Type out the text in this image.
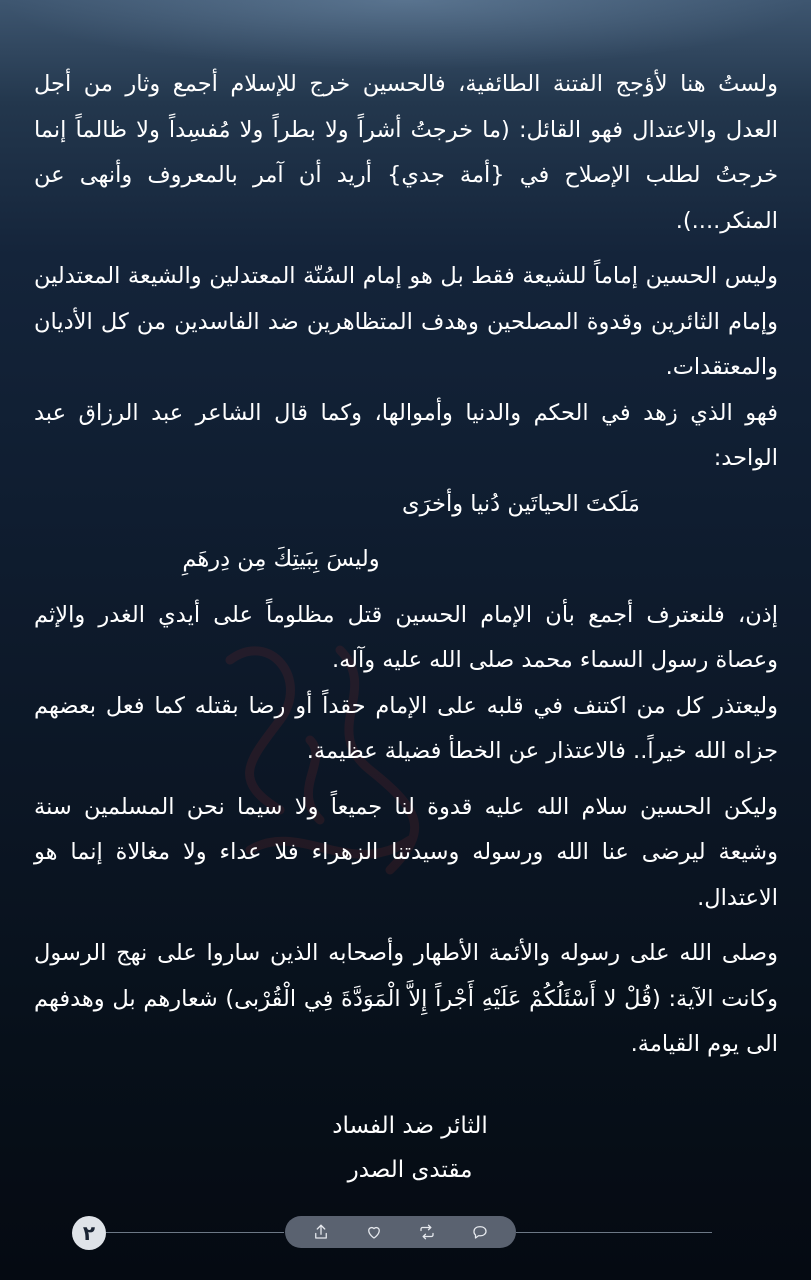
ولستُ هنا لأؤجج الفتنة الطائفية، فالحسين خرج للإسلام أجمع وثار من أجل العدل والاعتدال فهو القائل: (ما خرجتُ أشراً ولا بطراً ولا مُفسِداً ولا ظالماً إنما خرجتُ لطلب الإصلاح في {أمة جدي} أريد أن آمر بالمعروف وأنهى عن المنكر....).

وليس الحسين إماماً للشيعة فقط بل هو إمام السُنّة المعتدلين والشيعة المعتدلين وإمام الثائرين وقدوة المصلحين وهدف المتظاهرين ضد الفاسدين من كل الأديان والمعتقدات.

فهو الذي زهد في الحكم والدنيا وأموالها، وكما قال الشاعر عبد الرزاق عبد الواحد:

مَلَكتَ الحياتَين دُنيا وأخرَى

وليسَ بِبَيتِكَ مِن دِرهَمِ

إذن، فلنعترف أجمع بأن الإمام الحسين قتل مظلوماً على أيدي الغدر والإثم وعصاة رسول السماء محمد صلى الله عليه وآله.

وليعتذر كل من اكتنف في قلبه على الإمام حقداً أو رضا بقتله كما فعل بعضهم جزاه الله خيراً.. فالاعتذار عن الخطأ فضيلة عظيمة.

وليكن الحسين سلام الله عليه قدوة لنا جميعاً ولا سيما نحن المسلمين سنة وشيعة ليرضى عنا الله ورسوله وسيدتنا الزهراء فلا عداء ولا مغالاة إنما هو الاعتدال.

وصلى الله على رسوله والأئمة الأطهار وأصحابه الذين ساروا على نهج الرسول وكانت الآية: (قُلْ لا أَسْئَلُكُمْ عَلَيْهِ أَجْراً إِلاَّ الْمَوَدَّةَ فِي الْقُرْبى) شعارهم بل وهدفهم الى يوم القيامة.

الثائر ضد الفساد
مقتدى الصدر
٢
